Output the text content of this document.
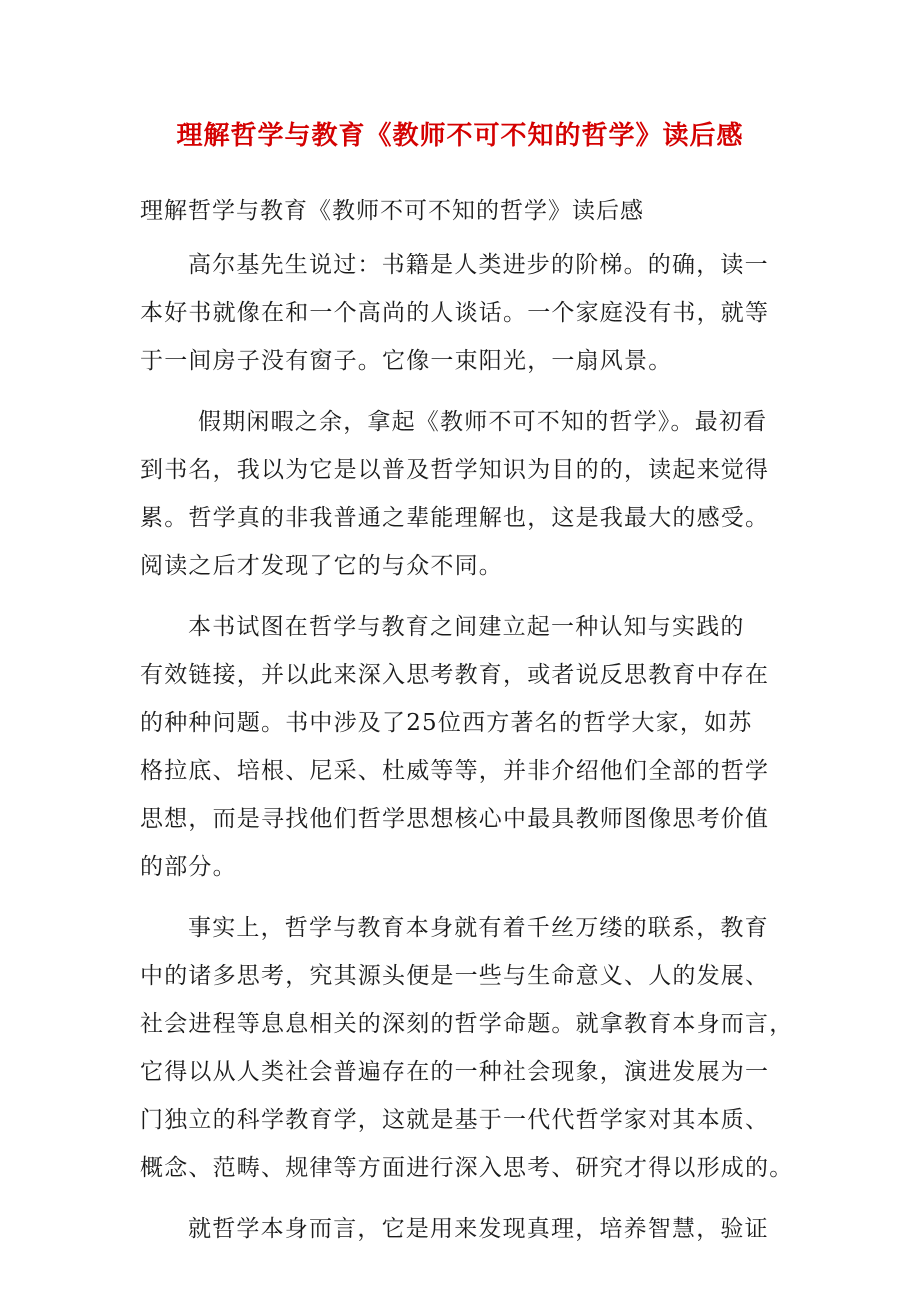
理解哲学与教育《教师不可不知的哲学》读后感

理解哲学与教育《教师不可不知的哲学》读后感

高尔基先生说过：书籍是人类进步的阶梯。的确，读一
本好书就像在和一个高尚的人谈话。一个家庭没有书，就等
于一间房子没有窗子。它像一束阳光，一扇风景。

假期闲暇之余，拿起《教师不可不知的哲学》。最初看
到书名，我以为它是以普及哲学知识为目的的，读起来觉得
累。哲学真的非我普通之辈能理解也，这是我最大的感受。
阅读之后才发现了它的与众不同。

本书试图在哲学与教育之间建立起一种认知与实践的
有效链接，并以此来深入思考教育，或者说反思教育中存在
的种种问题。书中涉及了25位西方著名的哲学大家，如苏
格拉底、培根、尼采、杜威等等，并非介绍他们全部的哲学
思想，而是寻找他们哲学思想核心中最具教师图像思考价值
的部分。

事实上，哲学与教育本身就有着千丝万缕的联系，教育
中的诸多思考，究其源头便是一些与生命意义、人的发展、
社会进程等息息相关的深刻的哲学命题。就拿教育本身而言，
它得以从人类社会普遍存在的一种社会现象，演进发展为一
门独立的科学教育学，这就是基于一代代哲学家对其本质、
概念、范畴、规律等方面进行深入思考、研究才得以形成的。

就哲学本身而言，它是用来发现真理，培养智慧，验证
